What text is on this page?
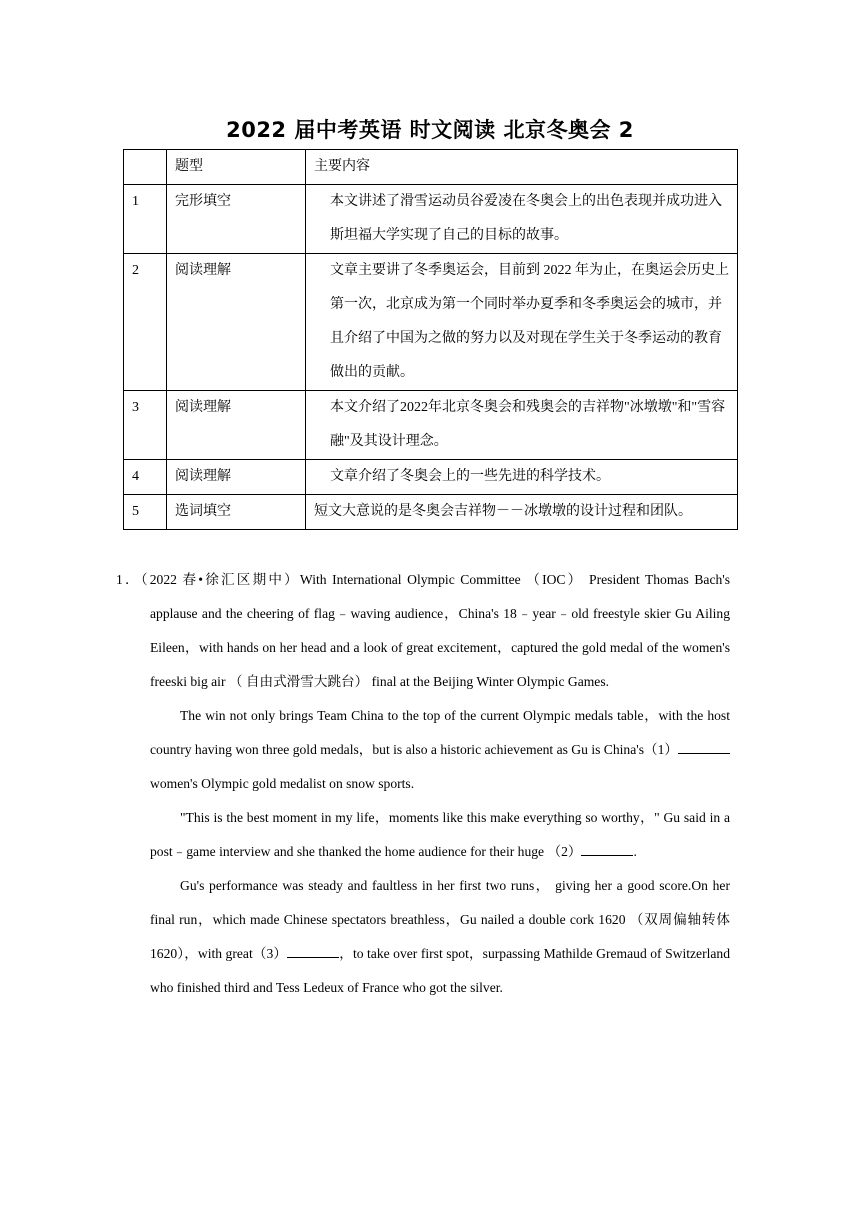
2022 届中考英语 时文阅读 北京冬奥会 2
	题型	主要内容
1	完形填空	本文讲述了滑雪运动员谷爱凌在冬奥会上的出色表现并成功进入斯坦福大学实现了自己的目标的故事。

2	阅读理解	文章主要讲了冬季奥运会，目前到 2022 年为止，在奥运会历史上第一次，北京成为第一个同时举办夏季和冬季奥运会的城市，并且介绍了中国为之做的努力以及对现在学生关于冬季运动的教育做出的贡献。

3	阅读理解	本文介绍了2022年北京冬奥会和残奥会的吉祥物"冰墩墩"和"雪容融"及其设计理念。

4	阅读理解	文章介绍了冬奥会上的一些先进的科学技术。

5	选词填空	短文大意说的是冬奥会吉祥物－－冰墩墩的设计过程和团队。

1．（2022 春•徐汇区期中）With International Olympic Committee （IOC） President Thomas Bach's applause and the cheering of flag﹣waving audience，China's 18﹣year﹣old freestyle skier Gu Ailing Eileen，with hands on her head and a look of great excitement，captured the gold medal of the women's freeski big air （ 自由式滑雪大跳台） final at the Beijing Winter Olympic Games.

The win not only brings Team China to the top of the current Olympic medals table，with the host country having won three gold medals，but is also a historic achievement as Gu is China's（1）women's Olympic gold medalist on snow sports.

"This is the best moment in my life，moments like this make everything so worthy，" Gu said in a post﹣game interview and she thanked the home audience for their huge （2）	.

Gu's performance was steady and faultless in her first two runs， giving her a good score.On her final run，which made Chinese spectators breathless，Gu nailed a double cork 1620 （双周偏轴转体 1620），with great（3）	，to take over first spot，surpassing Mathilde Gremaud of Switzerland who finished third and Tess Ledeux of France who got the silver.
